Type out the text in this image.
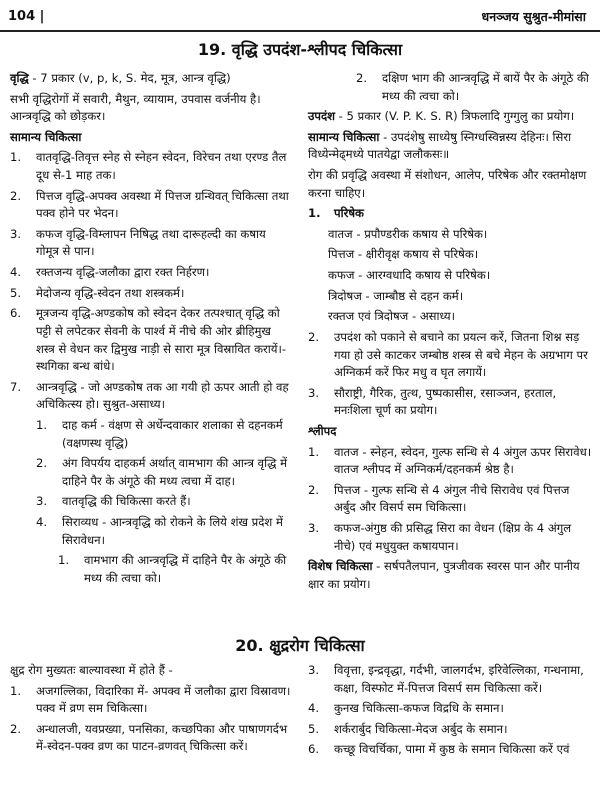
104 |	धनञ्जय सुश्रुत-मीमांसा
19. वृद्धि उपदंश-श्लीपद चिकित्सा

वृद्धि - 7 प्रकार (v, p, k, S. मेद, मूत्र, आन्त्र वृद्धि)

सभी वृद्धिरोगों में सवारी, मैथुन, व्यायाम, उपवास वर्जनीय है। आन्त्रवृद्धि को छोड़कर।

सामान्य चिकित्सा

1.	वातवृद्धि-तिवृत्त स्नेह से स्नेहन स्वेदन, विरेचन तथा एरण्ड तैल दूध से-1 माह तक।
2.	पित्तज वृद्धि-अपक्व अवस्था में पित्तज ग्रन्थिवत् चिकित्सा तथा पक्व होने पर भेदन।
3.	कफज वृद्धि-विम्लापन निषिद्ध तथा दारूहल्दी का कषाय गोमूत्र से पान।
4.	रक्तजन्य वृद्धि-जलौका द्वारा रक्त निर्हरण।
5.	मेदोजन्य वृद्धि-स्वेदन तथा शस्त्रकर्म।
6.	मूत्रजन्य वृद्धि-अण्डकोष को स्वेदन देकर तत्पश्चात् वृद्धि को पट्टी से लपेटकर सेवनी के पार्श्व में नीचे की ओर ब्रीहिमुख शस्त्र से वेधन कर द्विमुख नाड़ी से सारा मूत्र विस्रावित करायें।-स्थगिका बन्ध बांधे।
7.	आन्त्रवृद्धि - जो अण्डकोष तक आ गयी हो ऊपर आती हो वह अचिकित्स्य हो। सुश्रुत-असाध्य।
1.	दाह कर्म - वंक्षण से अर्धेन्दवाकार शलाका से दहनकर्म (वक्षणस्थ वृद्धि)
2.	अंग विपर्यय दाहकर्म अर्थात् वामभाग की आन्त्र वृद्धि में दाहिने पैर के अंगूठे की मध्य त्वचा में दाह।
3.	वातवृद्धि की चिकित्सा करते हैं।
4.	सिराव्यध - आन्त्रवृद्धि को रोकने के लिये शंख प्रदेश में सिरावेधन।
1.	वामभाग की आन्त्रवृद्धि में दाहिने पैर के अंगूठे की मध्य की त्वचा को।
2.	दक्षिण भाग की आन्त्रवृद्धि में बायें पैर के अंगूठे की मध्य की त्वचा को।

उपदंश - 5 प्रकार (V. P. K. S. R) त्रिफलादि गुग्गुलु का प्रयोग।

सामान्य चिकित्सा - उपदंशेषु साध्येषु स्निग्धस्विन्नस्य देहिनः। सिरा विध्येन्मेढ्मध्ये पातयेद्वा जलौकसः॥

रोग की प्रवृद्धि अवस्था में संशोधन, आलेप, परिषेक और रक्तमोक्षण करना चाहिए।

1.	परिषेक

वातज - प्रपौण्डरीक कषाय से परिषेक।

पित्तज - क्षीरीवृक्ष कषाय से परिषेक।

कफज - आरग्वधादि कषाय से परिषेक।

त्रिदोषज - जाम्बौष्ठ से दहन कर्म।

रक्तज एवं त्रिदोषज - असाध्य।

2.	उपदंश को पकाने से बचाने का प्रयत्न करें, जितना शिश्न सड़ गया हो उसे काटकर जम्बोष्ठ शस्त्र से बचे मेहन के अग्रभाग पर अग्निकर्म करें फिर मधु व घृत लगायें।
3.	सौराष्ट्री, गैरिक, तुत्थ, पुष्पकासीस, रसाञ्जन, हरताल, मनःशिला चूर्ण का प्रयोग।

श्लीपद

1.	वातज - स्नेहन, स्वेदन, गुल्फ सन्धि से 4 अंगुल ऊपर सिरावेध। वातज श्लीपद में अग्निकर्म/दहनकर्म श्रेष्ठ है।
2.	पित्तज - गुल्फ सन्धि से 4 अंगुल नीचे सिरावेध एवं पित्तज अर्बुद और विसर्प सम चिकित्सा।
3.	कफज-अंगुष्ठ की प्रसिद्ध सिरा का वेधन (क्षिप्र के 4 अंगुल नीचे) एवं मधुयुक्त कषायपान।

विशेष चिकित्सा - सर्षपतैलपान, पुत्रजीवक स्वरस पान और पानीय क्षार का प्रयोग।

20. क्षुद्ररोग चिकित्सा

क्षुद्र रोग मुख्यतः बाल्यावस्था में होते हैं -

1.	अजगल्लिका, विदारिका में- अपक्व में जलौका द्वारा विस्रावण। पक्व में व्रण सम चिकित्सा।
2.	अन्धालजी, यवप्रख्या, पनसिका, कच्छपिका और पाषाणगर्दभ में-स्वेदन-पक्व व्रण का पाटन-व्रणवत् चिकित्सा करें।
3.	विवृत्ता, इन्द्रवृद्धा, गर्दभी, जालगर्दभ, इरिवेल्लिका, गन्धनामा, कक्षा, विस्फोट में-पित्तज विसर्प सम चिकित्सा करें।
4.	कुनख चिकित्सा-कफज विद्रधि के समान।
5.	शर्करार्बुद चिकित्सा-मेदज अर्बुद के समान।
6.	कच्छू विचर्चिका, पामा में कुष्ठ के समान चिकित्सा करें एवं
